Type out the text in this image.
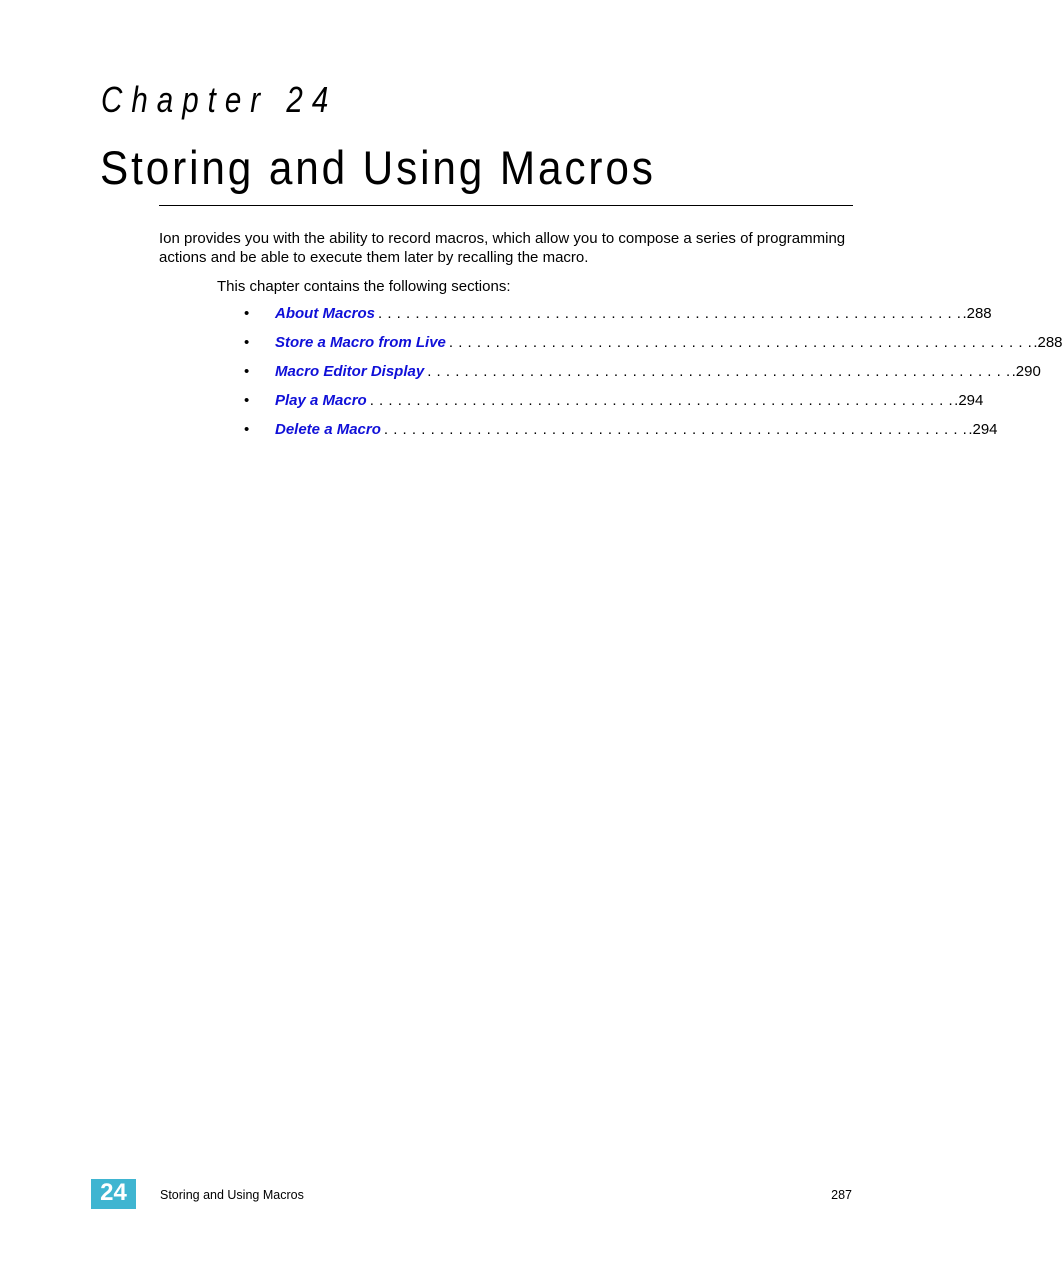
Chapter 24
Storing and Using Macros

Ion provides you with the ability to record macros, which allow you to compose a series of programming actions and be able to execute them later by recalling the macro.

This chapter contains the following sections:

• About Macros . . . . . . . . . . . . . . . . . . . . . . . . . . . . . . . . . . . . . . . . . . . . . . . . . . . . . . . . . . . . . . . .288
• Store a Macro from Live . . . . . . . . . . . . . . . . . . . . . . . . . . . . . . . . . . . . . . . . . . . . . . . . . . . . . . . . . . . . . . . .288
• Macro Editor Display . . . . . . . . . . . . . . . . . . . . . . . . . . . . . . . . . . . . . . . . . . . . . . . . . . . . . . . . . . . . . . . .290
• Play a Macro . . . . . . . . . . . . . . . . . . . . . . . . . . . . . . . . . . . . . . . . . . . . . . . . . . . . . . . . . . . . . . . .294
• Delete a Macro . . . . . . . . . . . . . . . . . . . . . . . . . . . . . . . . . . . . . . . . . . . . . . . . . . . . . . . . . . . . . . . .294
24	Storing and Using Macros	287
